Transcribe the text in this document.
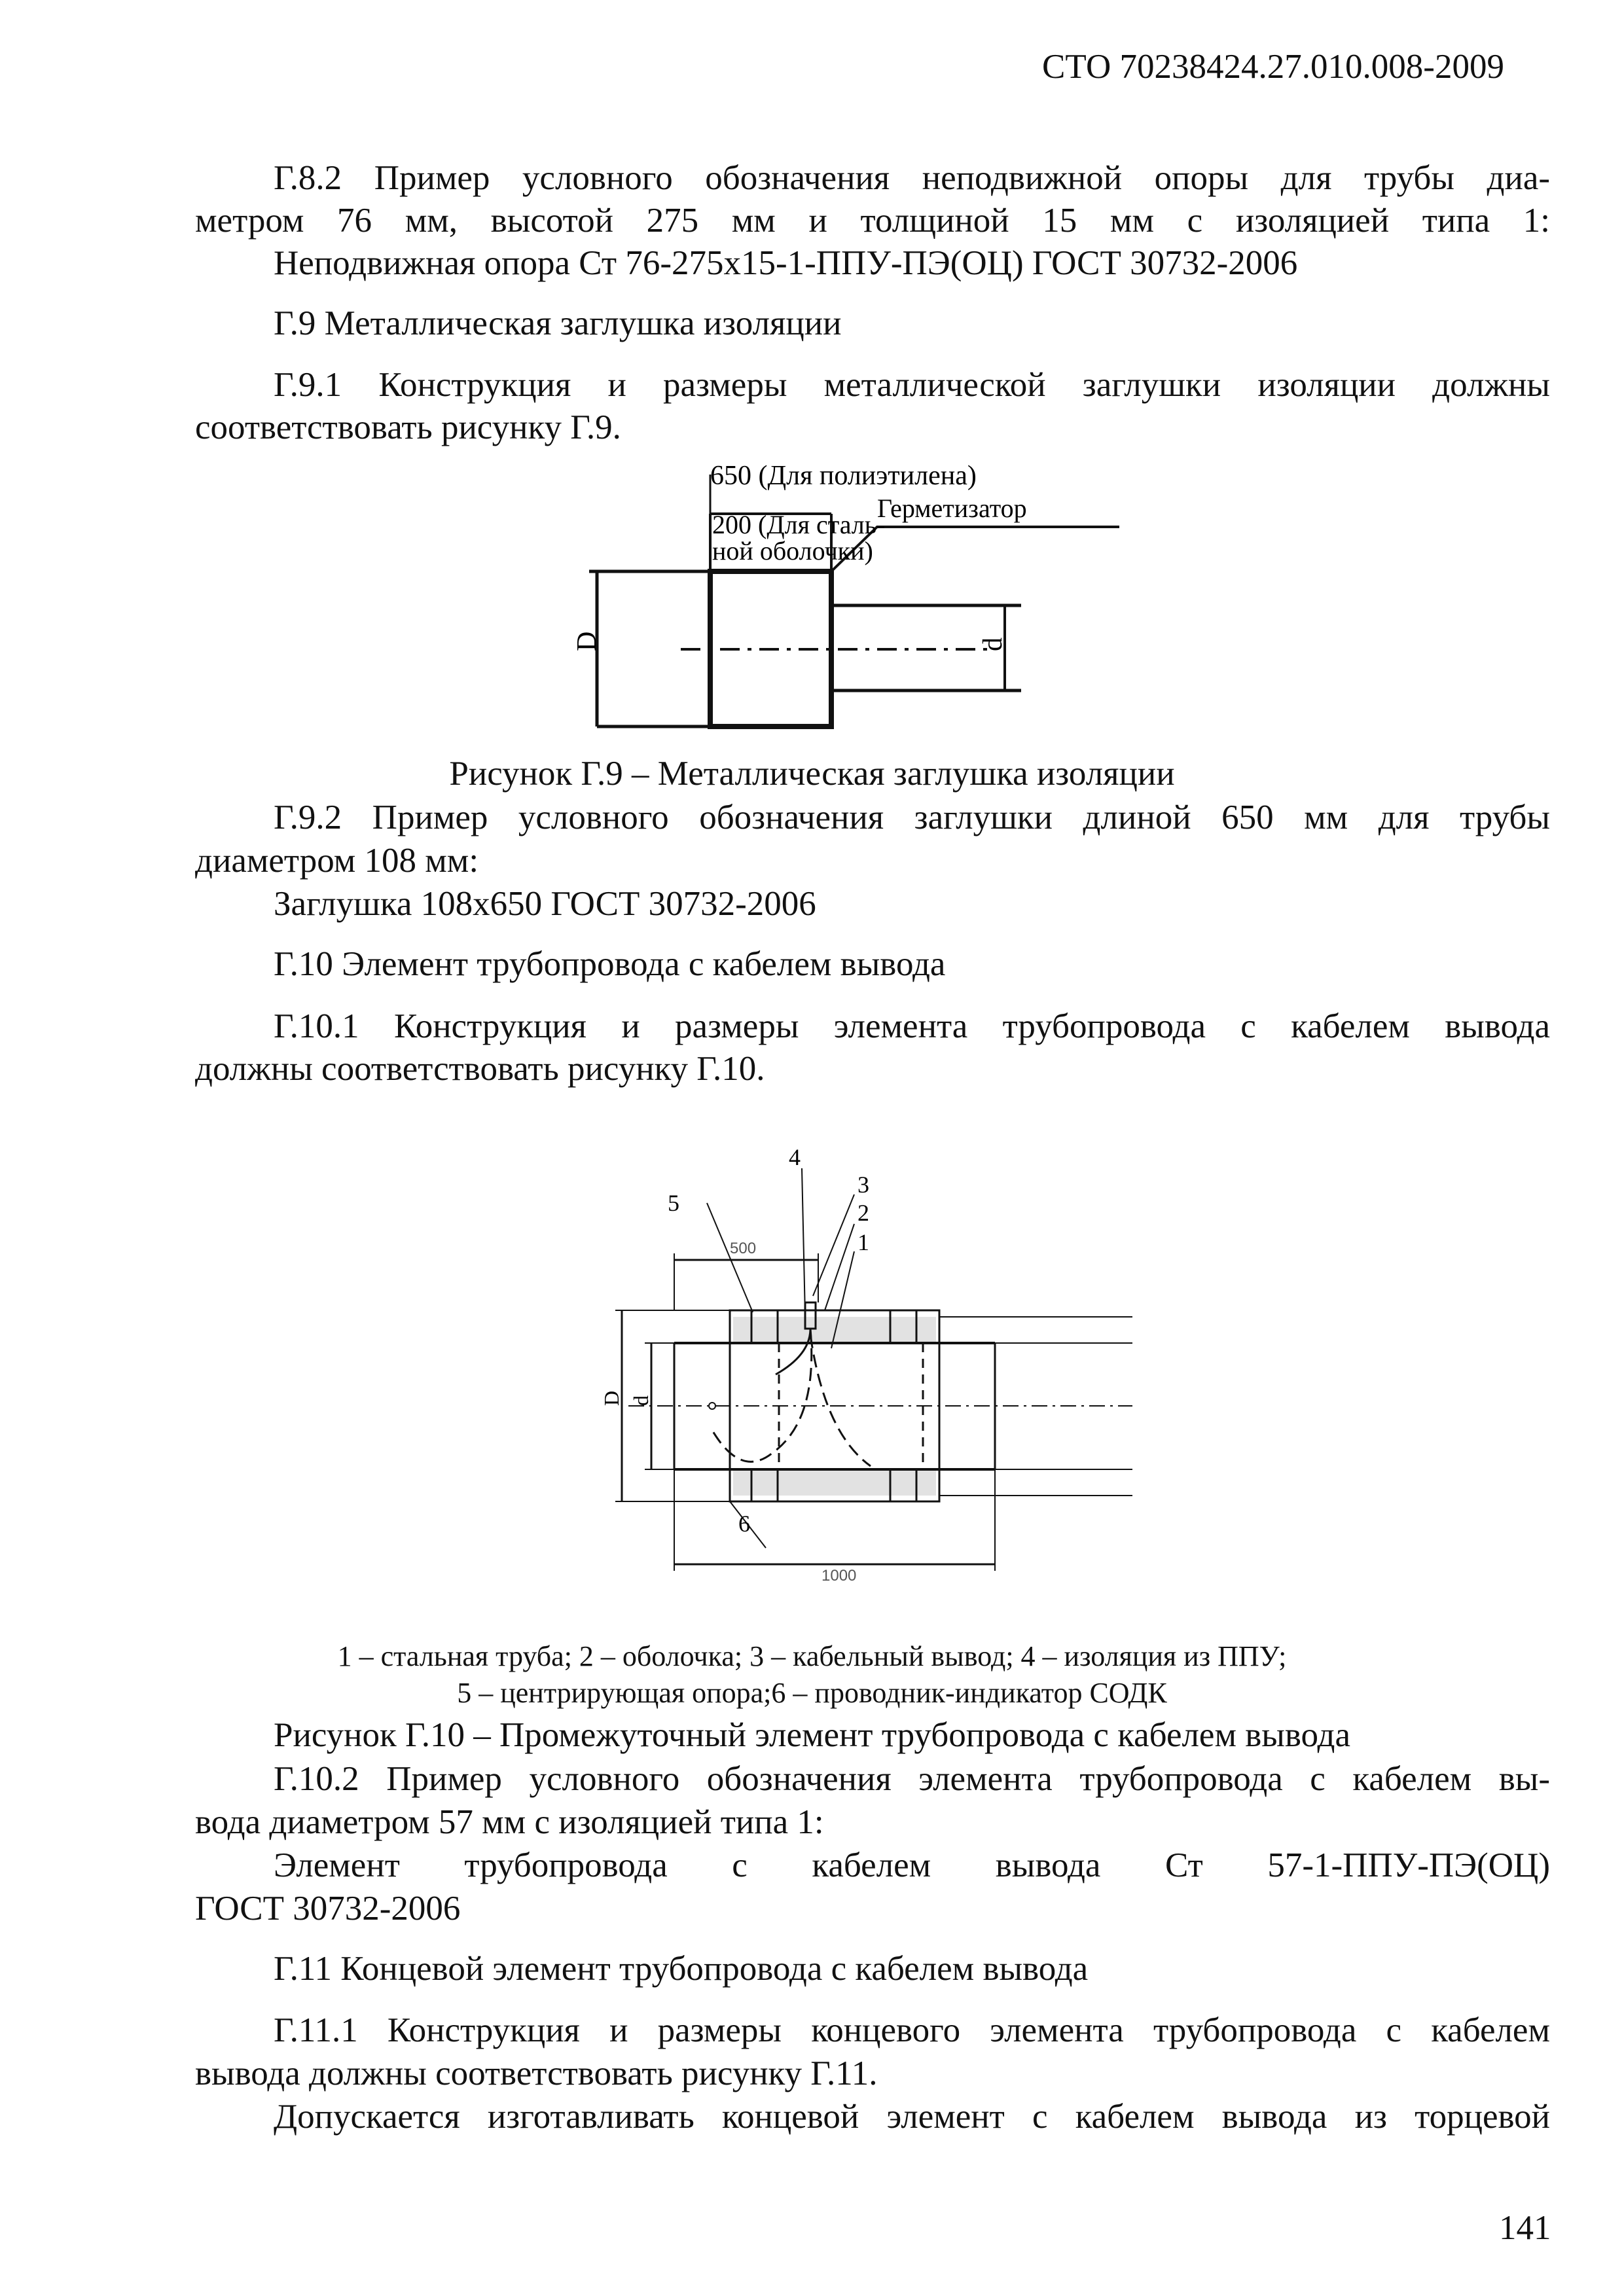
СТО 70238424.27.010.008-2009
Г.8.2 Пример условного обозначения неподвижной опоры для трубы диа-
метром 76 мм, высотой 275 мм и толщиной 15 мм с изоляцией типа 1:
Неподвижная опора Ст 76-275x15-1-ППУ-ПЭ(ОЦ) ГОСТ 30732-2006
Г.9 Металлическая заглушка изоляции
Г.9.1 Конструкция и размеры металлической заглушки изоляции должны
соответствовать рисунку Г.9.
650 (Для полиэтилена)
200 (Для сталь-
ной оболочки)
Герметизатор
D	d
Рисунок Г.9 – Металлическая заглушка изоляции
Г.9.2 Пример условного обозначения заглушки длиной 650 мм для трубы
диаметром 108 мм:
Заглушка 108x650 ГОСТ 30732-2006
Г.10 Элемент трубопровода с кабелем вывода
Г.10.1 Конструкция и размеры элемента трубопровода с кабелем вывода
должны соответствовать рисунку Г.10.
4
3
5	2
1
6
500
1000
D d
1 – стальная труба; 2 – оболочка; 3 – кабельный вывод; 4 – изоляция из ППУ;
5 – центрирующая опора;6 – проводник-индикатор СОДК
Рисунок Г.10 – Промежуточный элемент трубопровода с кабелем вывода
Г.10.2 Пример условного обозначения элемента трубопровода с кабелем вы-
вода диаметром 57 мм с изоляцией типа 1:
Элемент трубопровода с кабелем вывода Ст 57-1-ППУ-ПЭ(ОЦ)
ГОСТ 30732-2006
Г.11 Концевой элемент трубопровода с кабелем вывода
Г.11.1 Конструкция и размеры концевого элемента трубопровода с кабелем
вывода должны соответствовать рисунку Г.11.
Допускается изготавливать концевой элемент с кабелем вывода из торцевой
141
